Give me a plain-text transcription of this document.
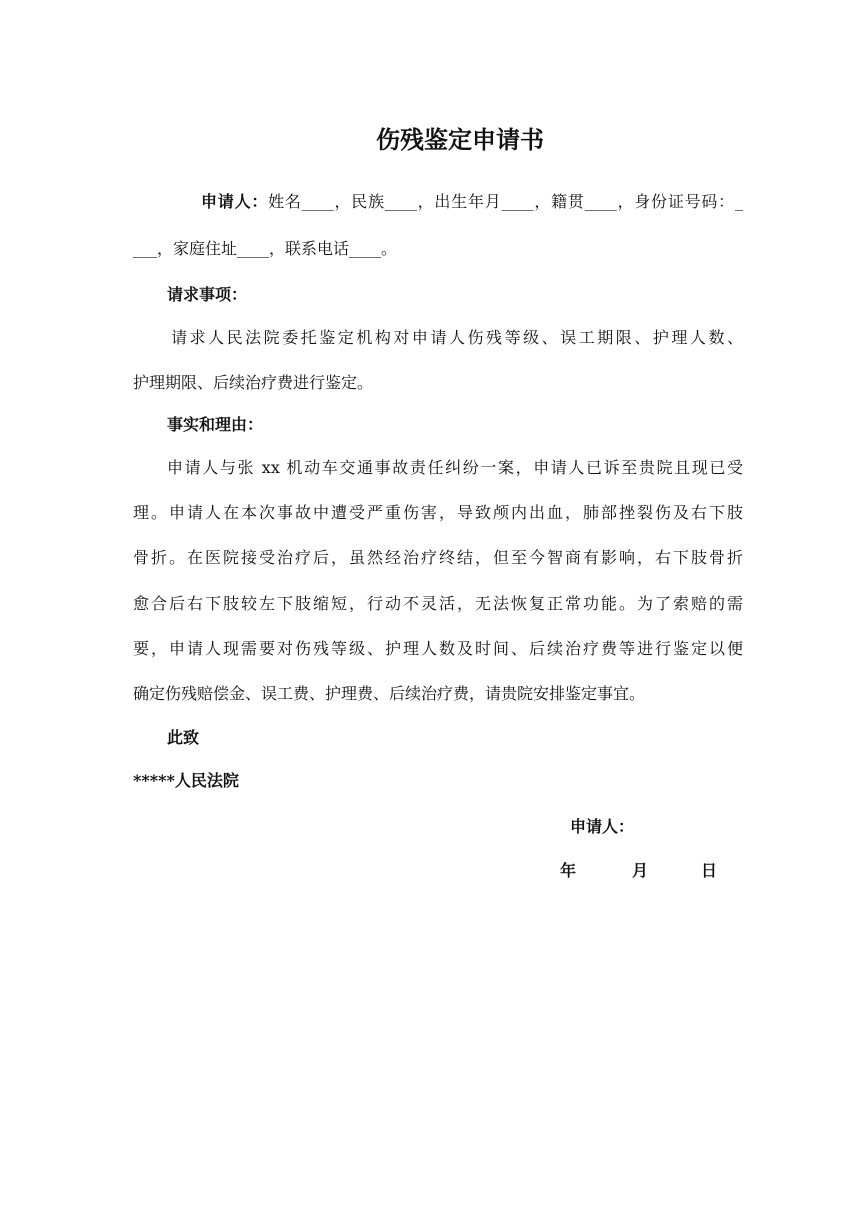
伤残鉴定申请书
申请人：姓名____，民族____，出生年月____，籍贯____，身份证号码：_
___，家庭住址____，联系电话____。
请求事项：
请求人民法院委托鉴定机构对申请人伤残等级、误工期限、护理人数、
护理期限、后续治疗费进行鉴定。
事实和理由：
申请人与张 xx 机动车交通事故责任纠纷一案，申请人已诉至贵院且现已受
理。申请人在本次事故中遭受严重伤害，导致颅内出血，肺部挫裂伤及右下肢
骨折。在医院接受治疗后，虽然经治疗终结，但至今智商有影响，右下肢骨折
愈合后右下肢较左下肢缩短，行动不灵活，无法恢复正常功能。为了索赔的需
要，申请人现需要对伤残等级、护理人数及时间、后续治疗费等进行鉴定以便
确定伤残赔偿金、误工费、护理费、后续治疗费，请贵院安排鉴定事宜。
此致
*****人民法院
申请人：
年	月	日
